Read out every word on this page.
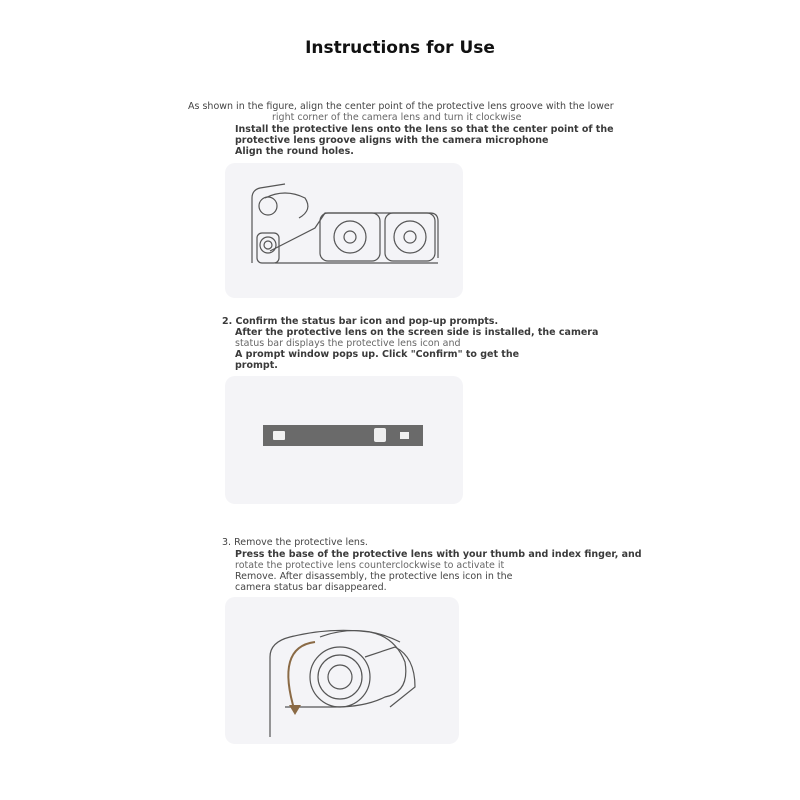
Instructions for Use
As shown in the figure, align the center point of the protective lens groove with the lower
right corner of the camera lens and turn it clockwise
Install the protective lens onto the lens so that the center point of the
protective lens groove aligns with the camera microphone
Align the round holes.
2. Confirm the status bar icon and pop-up prompts.
After the protective lens on the screen side is installed, the camera
status bar displays the protective lens icon and
A prompt window pops up. Click "Confirm" to get the
prompt.
3. Remove the protective lens.
Press the base of the protective lens with your thumb and index finger, and
rotate the protective lens counterclockwise to activate it
Remove. After disassembly, the protective lens icon in the
camera status bar disappeared.
